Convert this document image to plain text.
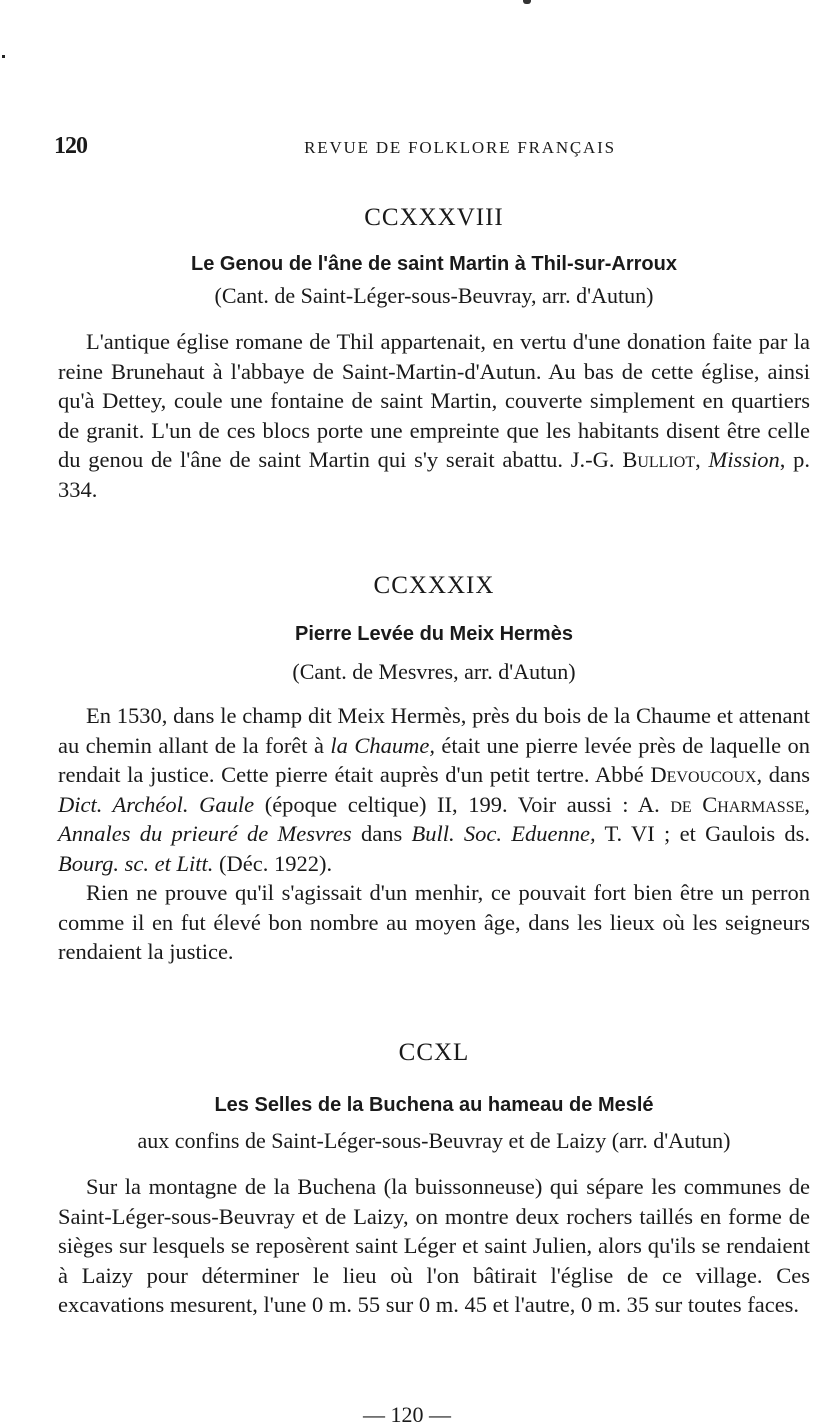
120	REVUE DE FOLKLORE FRANÇAIS
CCXXXVIII
Le Genou de l'âne de saint Martin à Thil-sur-Arroux
(Cant. de Saint-Léger-sous-Beuvray, arr. d'Autun)

L'antique église romane de Thil appartenait, en vertu d'une donation faite par la reine Brunehaut à l'abbaye de Saint-Martin-d'Autun. Au bas de cette église, ainsi qu'à Dettey, coule une fontaine de saint Martin, couverte simplement en quartiers de granit. L'un de ces blocs porte une empreinte que les habitants disent être celle du genou de l'âne de saint Martin qui s'y serait abattu. J.-G. Bulliot, Mission, p. 334.

CCXXXIX
Pierre Levée du Meix Hermès
(Cant. de Mesvres, arr. d'Autun)

En 1530, dans le champ dit Meix Hermès, près du bois de la Chaume et attenant au chemin allant de la forêt à la Chaume, était une pierre levée près de laquelle on rendait la justice. Cette pierre était auprès d'un petit tertre. Abbé Devoucoux, dans Dict. Archéol. Gaule (époque celtique) II, 199. Voir aussi : A. de Charmasse, Annales du prieuré de Mesvres dans Bull. Soc. Eduenne, T. VI ; et Gaulois ds. Bourg. sc. et Litt. (Déc. 1922).

Rien ne prouve qu'il s'agissait d'un menhir, ce pouvait fort bien être un perron comme il en fut élevé bon nombre au moyen âge, dans les lieux où les seigneurs rendaient la justice.

CCXL
Les Selles de la Buchena au hameau de Meslé
aux confins de Saint-Léger-sous-Beuvray et de Laizy (arr. d'Autun)

Sur la montagne de la Buchena (la buissonneuse) qui sépare les communes de Saint-Léger-sous-Beuvray et de Laizy, on montre deux rochers taillés en forme de sièges sur lesquels se reposèrent saint Léger et saint Julien, alors qu'ils se rendaient à Laizy pour déterminer le lieu où l'on bâtirait l'église de ce village. Ces excavations mesurent, l'une 0 m. 55 sur 0 m. 45 et l'autre, 0 m. 35 sur toutes faces.

— 120 —
